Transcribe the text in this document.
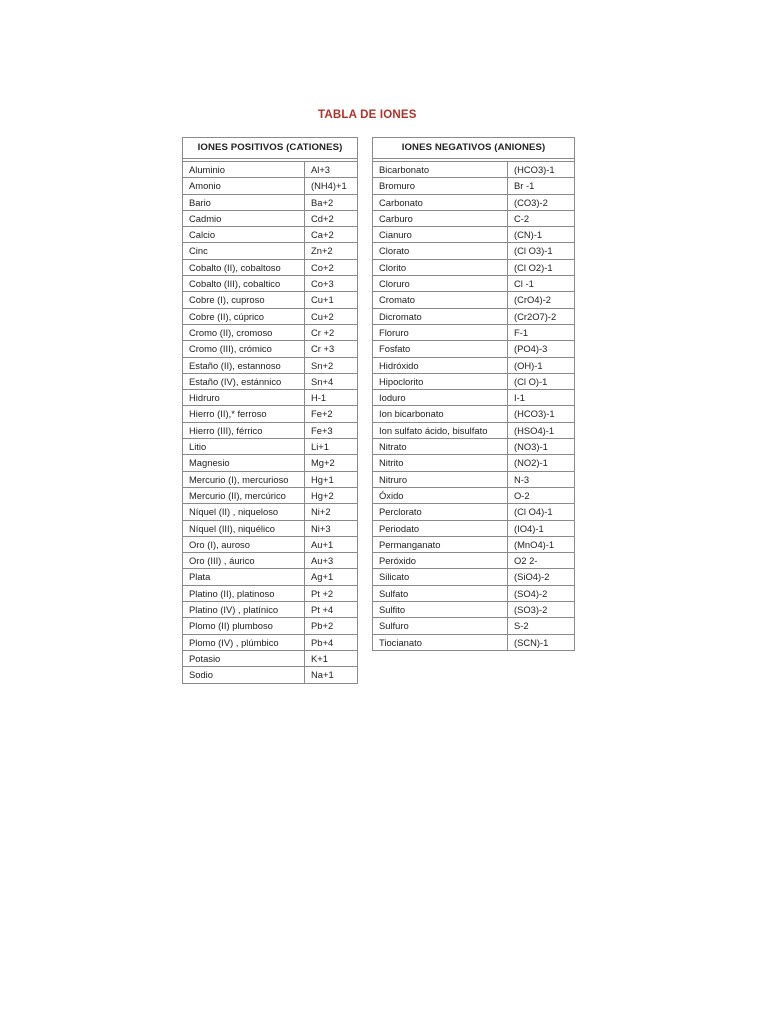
TABLA DE IONES
IONES POSITIVOS (CATIONES)	

Aluminio	Al+3
Amonio	(NH4)+1
Bario	Ba+2
Cadmio	Cd+2
Calcio	Ca+2
Cinc	Zn+2
Cobalto (II), cobaltoso	Co+2
Cobalto (III), cobaltico	Co+3
Cobre (I), cuproso	Cu+1
Cobre (II), cúprico	Cu+2
Cromo (II), cromoso	Cr +2
Cromo (III), crómico	Cr +3
Estaño (II), estannoso	Sn+2
Estaño (IV), estánnico	Sn+4
Hidruro	H-1
Hierro (II),* ferroso	Fe+2
Hierro (III), férrico	Fe+3
Litio	Li+1
Magnesio	Mg+2
Mercurio (I), mercurioso	Hg+1
Mercurio (II), mercúrico	Hg+2
Níquel (II) , niqueloso	Ni+2
Níquel (III), niquélico	Ni+3
Oro (I), auroso	Au+1
Oro (III) , áurico	Au+3
Plata	Ag+1
Platino (II), platinoso	Pt +2
Platino (IV) , platínico	Pt +4
Plomo (II) plumboso	Pb+2
Plomo (IV) , plúmbico	Pb+4
Potasio	K+1
Sodio	Na+1
IONES NEGATIVOS (ANIONES)	

Bicarbonato	(HCO3)-1
Bromuro	Br -1
Carbonato	(CO3)-2
Carburo	C-2
Cianuro	(CN)-1
Clorato	(Cl O3)-1
Clorito	(Cl O2)-1
Cloruro	Cl -1
Cromato	(CrO4)-2
Dicromato	(Cr2O7)-2
Floruro	F-1
Fosfato	(PO4)-3
Hidróxido	(OH)-1
Hipoclorito	(Cl O)-1
Ioduro	I-1
Ion bicarbonato	(HCO3)-1
Ion sulfato ácido, bisulfato	(HSO4)-1
Nitrato	(NO3)-1
Nitrito	(NO2)-1
Nitruro	N-3
Óxido	O-2
Perclorato	(Cl O4)-1
Periodato	(IO4)-1
Permanganato	(MnO4)-1
Peróxido	O2 2-
Silicato	(SiO4)-2
Sulfato	(SO4)-2
Sulfito	(SO3)-2
Sulfuro	S-2
Tiocianato	(SCN)-1
